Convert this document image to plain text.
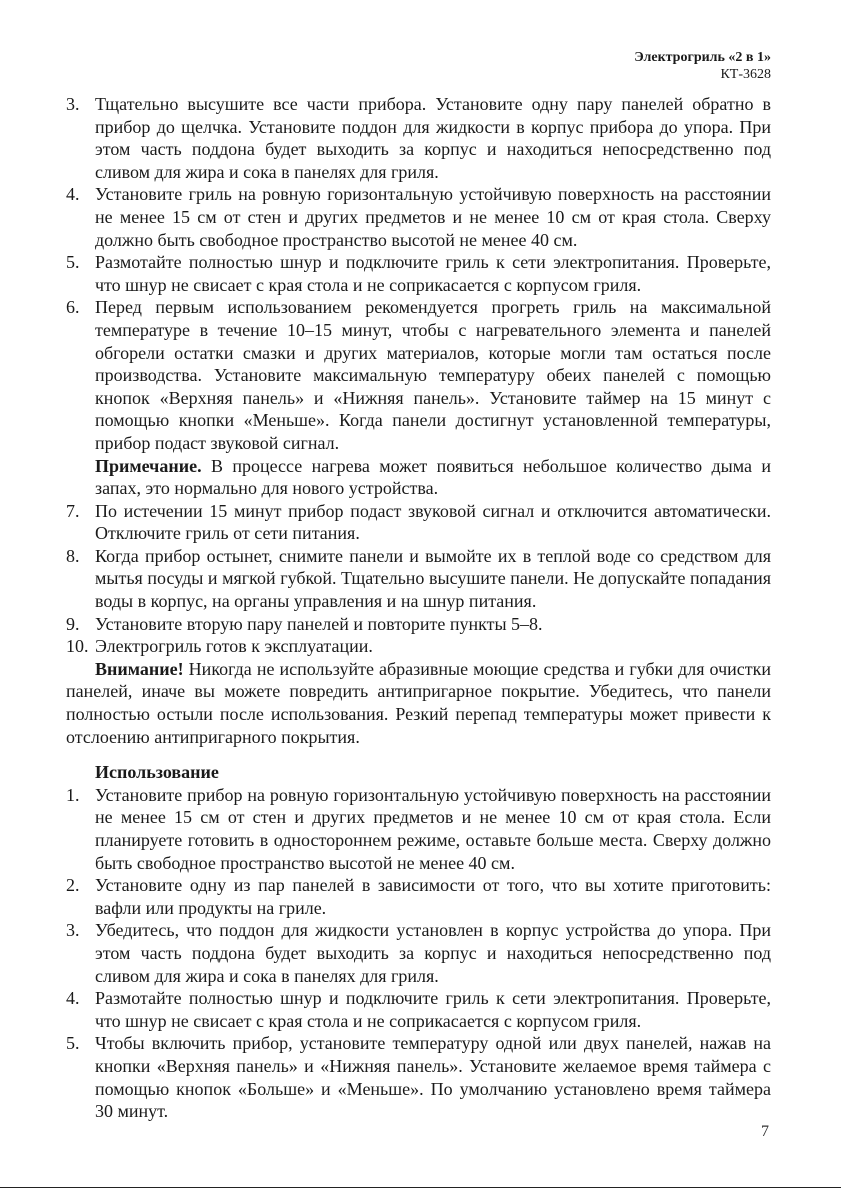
Электрогриль «2 в 1»
КТ-3628

3. Тщательно высушите все части прибора. Установите одну пару панелей обратно в прибор до щелчка. Установите поддон для жидкости в корпус прибора до упора. При этом часть поддона будет выходить за корпус и находиться непосредственно под сливом для жира и сока в панелях для гриля.

4. Установите гриль на ровную горизонтальную устойчивую поверхность на расстоянии не менее 15 см от стен и других предметов и не менее 10 см от края стола. Сверху должно быть свободное пространство высотой не менее 40 см.

5. Размотайте полностью шнур и подключите гриль к сети электропитания. Проверьте, что шнур не свисает с края стола и не соприкасается с корпусом гриля.

6. Перед первым использованием рекомендуется прогреть гриль на максимальной температуре в течение 10–15 минут, чтобы с нагревательного элемента и панелей обгорели остатки смазки и других материалов, которые могли там остаться после производства. Установите максимальную температуру обеих панелей с помощью кнопок «Верхняя панель» и «Нижняя панель». Установите таймер на 15 минут с помощью кнопки «Меньше». Когда панели достигнут установленной температуры, прибор подаст звуковой сигнал.

Примечание. В процессе нагрева может появиться небольшое количество дыма и запах, это нормально для нового устройства.

7. По истечении 15 минут прибор подаст звуковой сигнал и отключится автоматически. Отключите гриль от сети питания.

8. Когда прибор остынет, снимите панели и вымойте их в теплой воде со средством для мытья посуды и мягкой губкой. Тщательно высушите панели. Не допускайте попадания воды в корпус, на органы управления и на шнур питания.

9. Установите вторую пару панелей и повторите пункты 5–8.

10. Электрогриль готов к эксплуатации.

Внимание! Никогда не используйте абразивные моющие средства и губки для очистки панелей, иначе вы можете повредить антипригарное покрытие. Убедитесь, что панели полностью остыли после использования. Резкий перепад температуры может привести к отслоению антипригарного покрытия.

Использование

1. Установите прибор на ровную горизонтальную устойчивую поверхность на расстоянии не менее 15 см от стен и других предметов и не менее 10 см от края стола. Если планируете готовить в одностороннем режиме, оставьте больше места. Сверху должно быть свободное пространство высотой не менее 40 см.

2. Установите одну из пар панелей в зависимости от того, что вы хотите приготовить: вафли или продукты на гриле.

3. Убедитесь, что поддон для жидкости установлен в корпус устройства до упора. При этом часть поддона будет выходить за корпус и находиться непосредственно под сливом для жира и сока в панелях для гриля.

4. Размотайте полностью шнур и подключите гриль к сети электропитания. Проверьте, что шнур не свисает с края стола и не соприкасается с корпусом гриля.

5. Чтобы включить прибор, установите температуру одной или двух панелей, нажав на кнопки «Верхняя панель» и «Нижняя панель». Установите желаемое время таймера с помощью кнопок «Больше» и «Меньше». По умолчанию установлено время таймера 30 минут.

7
